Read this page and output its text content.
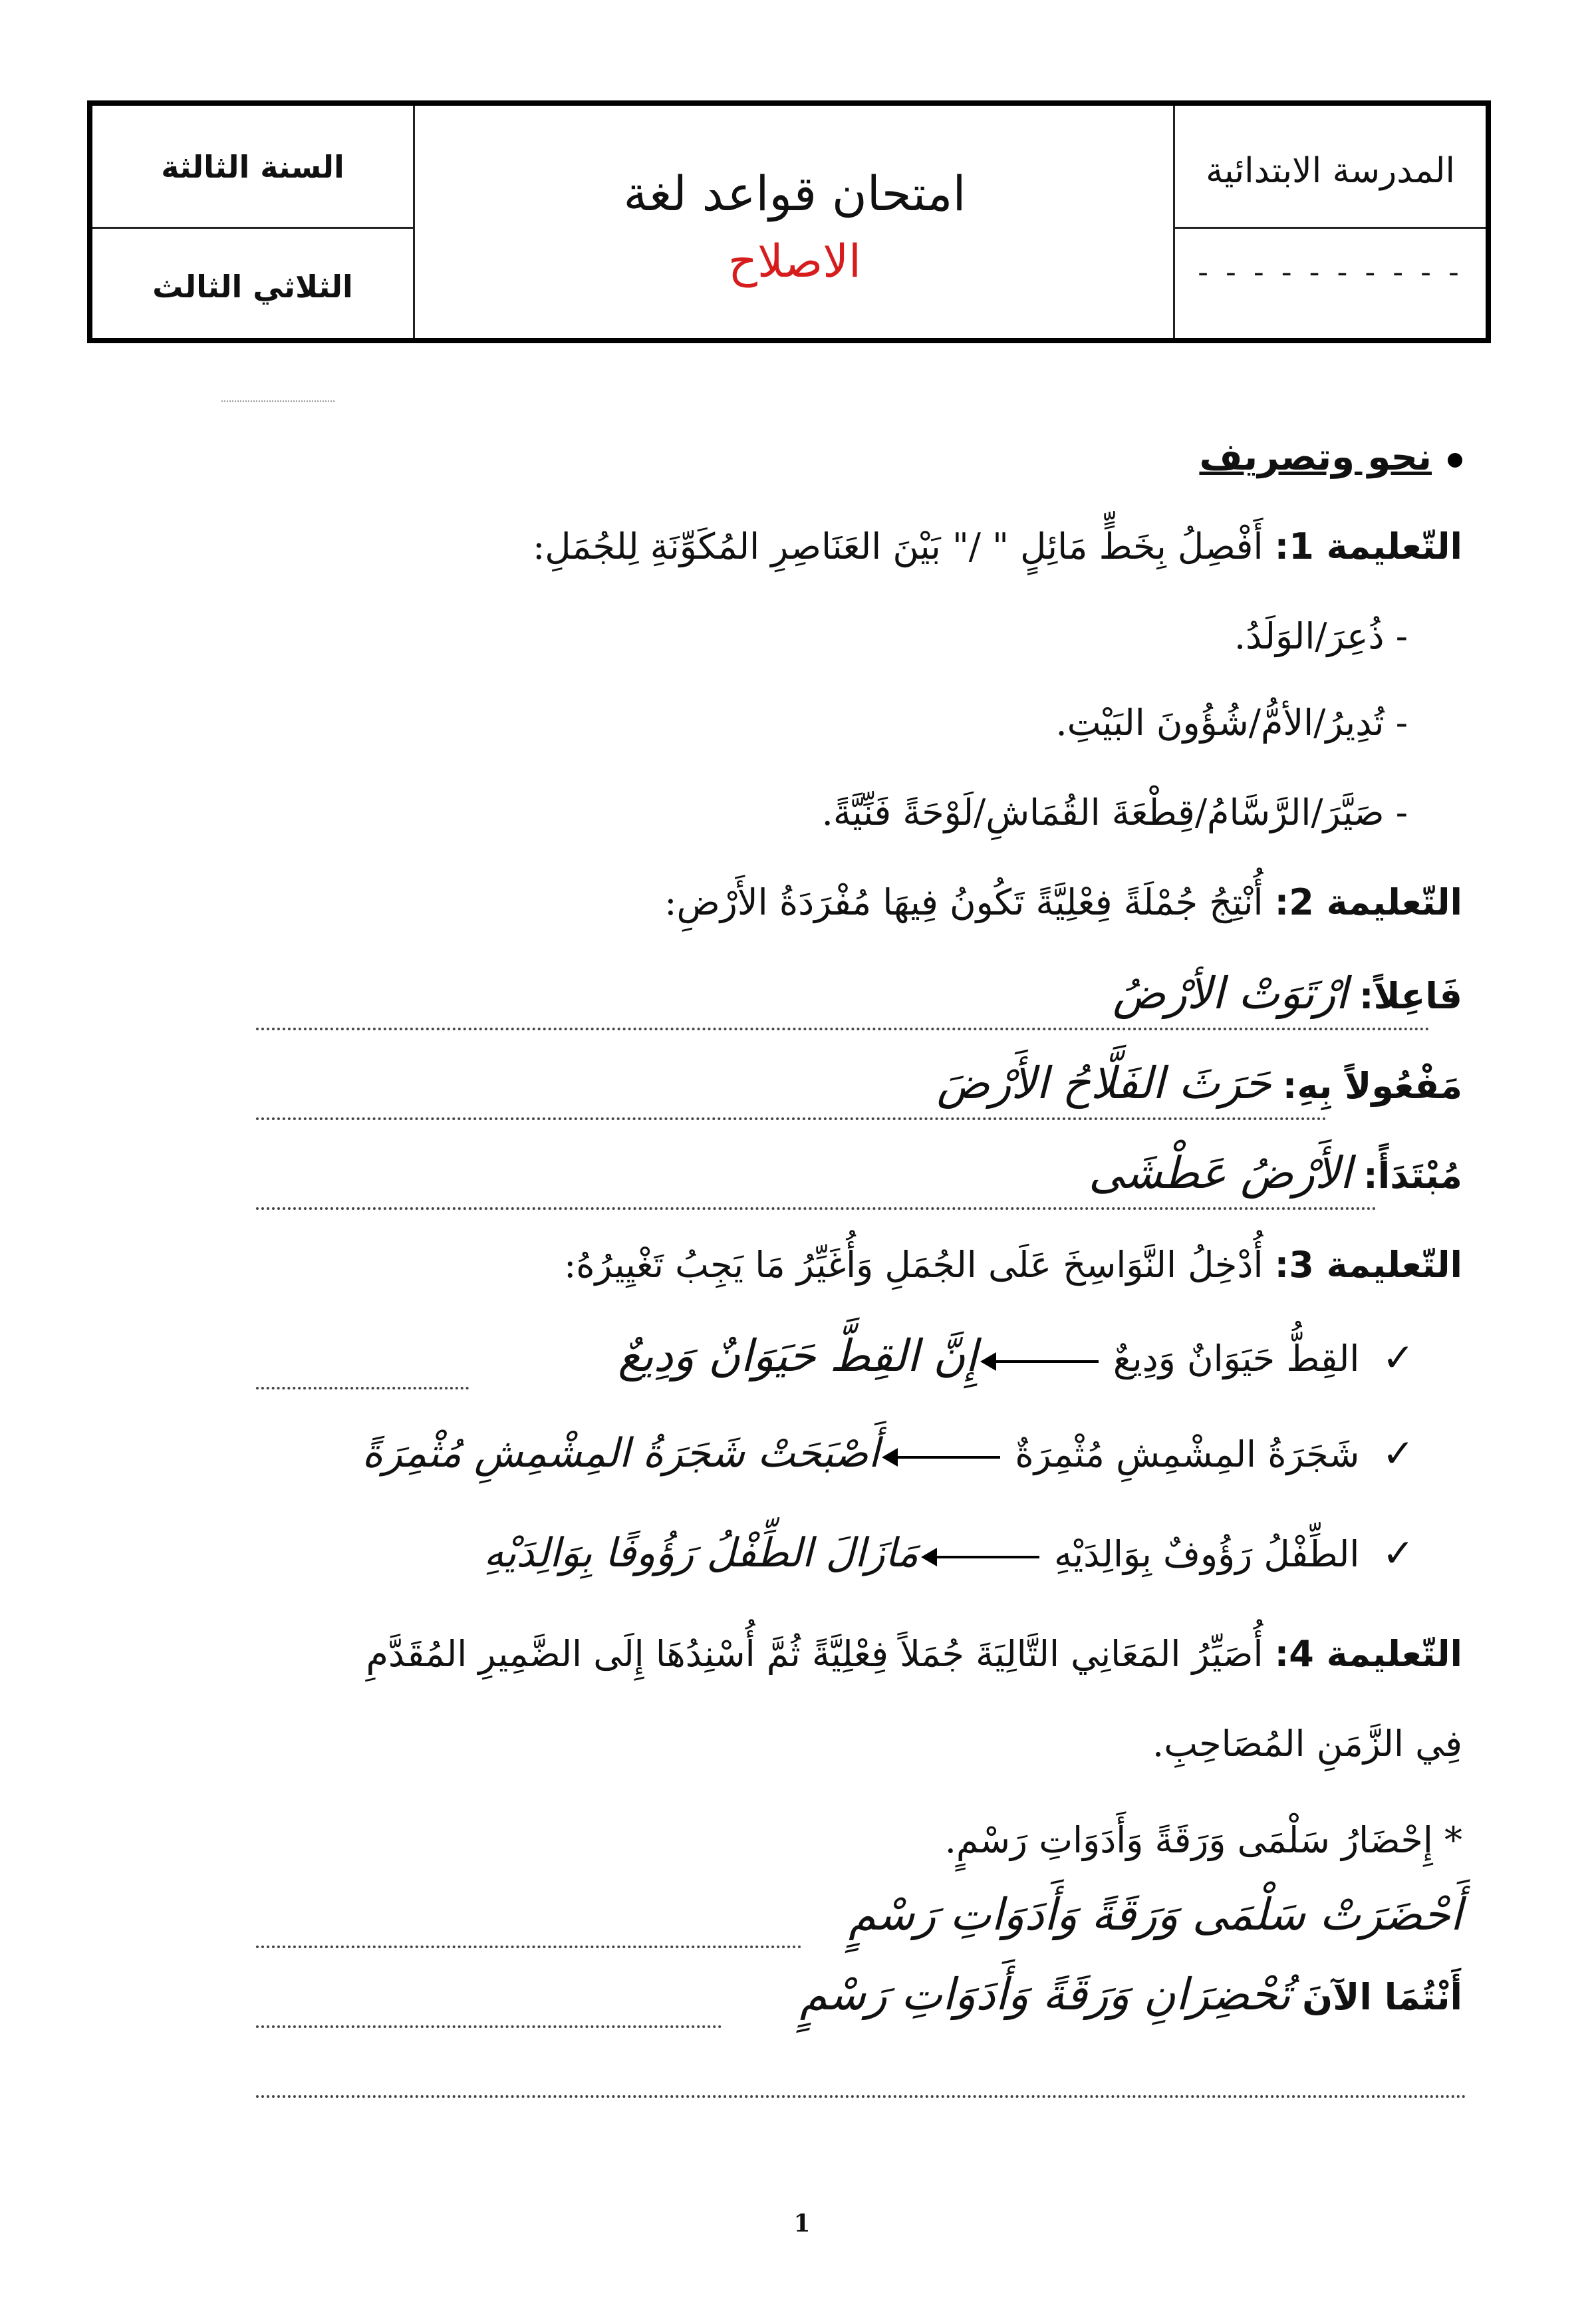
السنة الثالثة
الثلاثي الثالث
امتحان قواعد لغة
الاصلاح
المدرسة الابتدائية
- - - - - - - - - -
نحو وتصريف
التّعليمة 1: أَفْصِلُ بِخَطٍّ مَائِلٍ " /" بَيْنَ العَنَاصِرِ المُكَوِّنَةِ لِلجُمَلِ:
- ذُعِرَ/الوَلَدُ.
- تُدِيرُ/الأمُّ/شُؤُونَ البَيْتِ.
- صَيَّرَ/الرَّسَّامُ/قِطْعَةَ القُمَاشِ/لَوْحَةً فَنِّيَّةً.
التّعليمة 2: أُنْتِجُ جُمْلَةً فِعْلِيَّةً تَكُونُ فِيهَا مُفْرَدَةُ الأَرْضِ:
فَاعِلاً: ارْتَوَتْ الأرْضُ
مَفْعُولاً بِهِ: حَرَثَ الفَلَّاحُ الأَرْضَ
مُبْتَدَأً: الأَرْضُ عَطْشَى
التّعليمة 3: أُدْخِلُ النَّوَاسِخَ عَلَى الجُمَلِ وَأُغَيِّرُ مَا يَجِبُ تَغْيِيرُهُ:
✓القِطُّ حَيَوَانٌ وَدِيعٌإِنَّ القِطَّ حَيَوَانٌ وَدِيعٌ
✓شَجَرَةُ المِشْمِشِ مُثْمِرَةٌأَصْبَحَتْ شَجَرَةُ المِشْمِشِ مُثْمِرَةً
✓الطِّفْلُ رَؤُوفٌ بِوَالِدَيْهِمَازَالَ الطِّفْلُ رَؤُوفًا بِوَالِدَيْهِ
التّعليمة 4: أُصَيِّرُ المَعَانِي التَّالِيَةَ جُمَلاً فِعْلِيَّةً ثُمَّ أُسْنِدُهَا إِلَى الضَّمِيرِ المُقَدَّمِ
فِي الزَّمَنِ المُصَاحِبِ.
* إِحْضَارُ سَلْمَى وَرَقَةً وَأَدَوَاتِ رَسْمٍ.
أَحْضَرَتْ سَلْمَى وَرَقَةً وَأَدَوَاتِ رَسْمٍ
أَنْتُمَا الآنَ تُحْضِرَانِ وَرَقَةً وَأَدَوَاتِ رَسْمٍ
1
